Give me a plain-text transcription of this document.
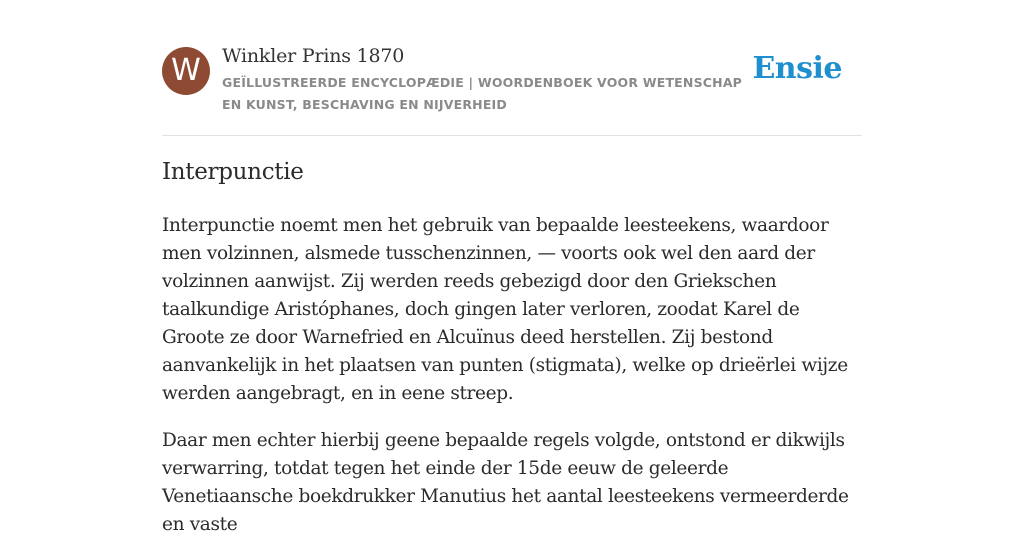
W	Winkler Prins 1870
GEÏLLUSTREERDE ENCYCLOPÆDIE | WOORDENBOEK VOOR WETENSCHAP EN KUNST, BESCHAVING EN NIJVERHEID
Ensie
Interpunctie

Interpunctie noemt men het gebruik van bepaalde leesteekens, waardoor men volzinnen, alsmede tusschenzinnen, — voorts ook wel den aard der volzinnen aanwijst. Zij werden reeds gebezigd door den Griekschen taalkundige Aristóphanes, doch gingen later verloren, zoodat Karel de Groote ze door Warnefried en Alcuïnus deed herstellen. Zij bestond aanvankelijk in het plaatsen van punten (stigmata), welke op drieërlei wijze werden aangebragt, en in eene streep.

Daar men echter hierbij geene bepaalde regels volgde, ontstond er dikwijls verwarring, totdat tegen het einde der 15de eeuw de geleerde Venetiaansche boekdrukker Manutius het aantal leesteekens vermeerderde en vaste
